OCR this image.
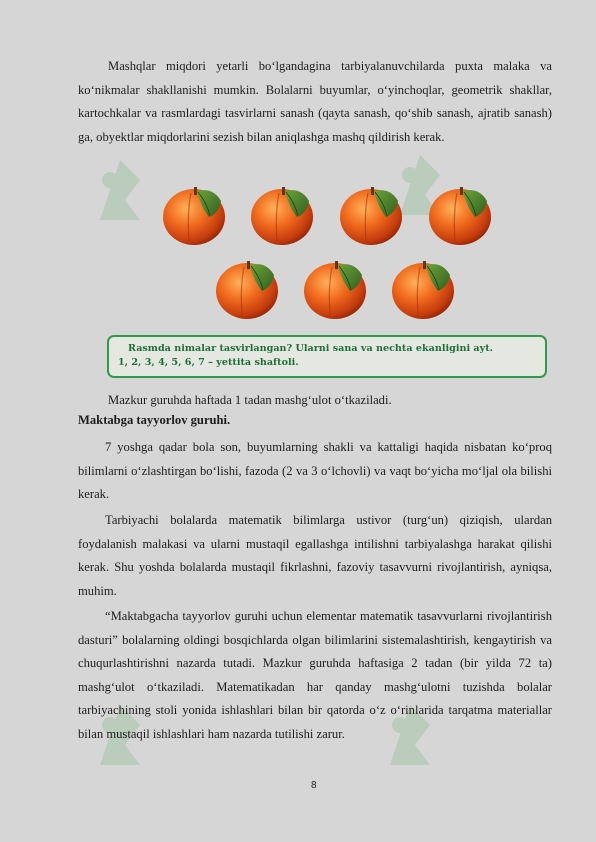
Mashqlar miqdori yetarli bo‘lgandagina tarbiyalanuvchilarda puxta malaka va ko‘nikmalar shakllanishi mumkin. Bolalarni buyumlar, o‘yinchoqlar, geometrik shakllar, kartochkalar va rasmlardagi tasvirlarni sanash (qayta sanash, qo‘shib sanash, ajratib sanash) ga, obyektlar miqdorlarini sezish bilan aniqlashga mashq qildirish kerak.

Rasmda nimalar tasvirlangan? Ularni sana va nechta ekanligini ayt.
1, 2, 3, 4, 5, 6, 7 – yettita shaftoli.

Mazkur guruhda haftada 1 tadan mashg‘ulot o‘tkaziladi.

Maktabga tayyorlov guruhi.

7 yoshga qadar bola son, buyumlarning shakli va kattaligi haqida nisbatan ko‘proq bilimlarni o‘zlashtirgan bo‘lishi, fazoda (2 va 3 o‘lchovli) va vaqt bo‘yicha mo‘ljal ola bilishi kerak.

Tarbiyachi bolalarda matematik bilimlarga ustivor (turg‘un) qiziqish, ulardan foydalanish malakasi va ularni mustaqil egallashga intilishni tarbiyalashga harakat qilishi kerak. Shu yoshda bolalarda mustaqil fikrlashni, fazoviy tasavvurni rivojlantirish, ayniqsa, muhim.

“Maktabgacha tayyorlov guruhi uchun elementar matematik tasavvurlarni rivojlantirish dasturi” bolalarning oldingi bosqichlarda olgan bilimlarini sistemalashtirish, kengaytirish va chuqurlashtirishni nazarda tutadi. Mazkur guruhda haftasiga 2 tadan (bir yilda 72 ta) mashg‘ulot o‘tkaziladi. Matematikadan har qanday mashg‘ulotni tuzishda bolalar tarbiyachining stoli yonida ishlashlari bilan bir qatorda o‘z o‘rinlarida tarqatma materiallar bilan mustaqil ishlashlari ham nazarda tutilishi zarur.

8
